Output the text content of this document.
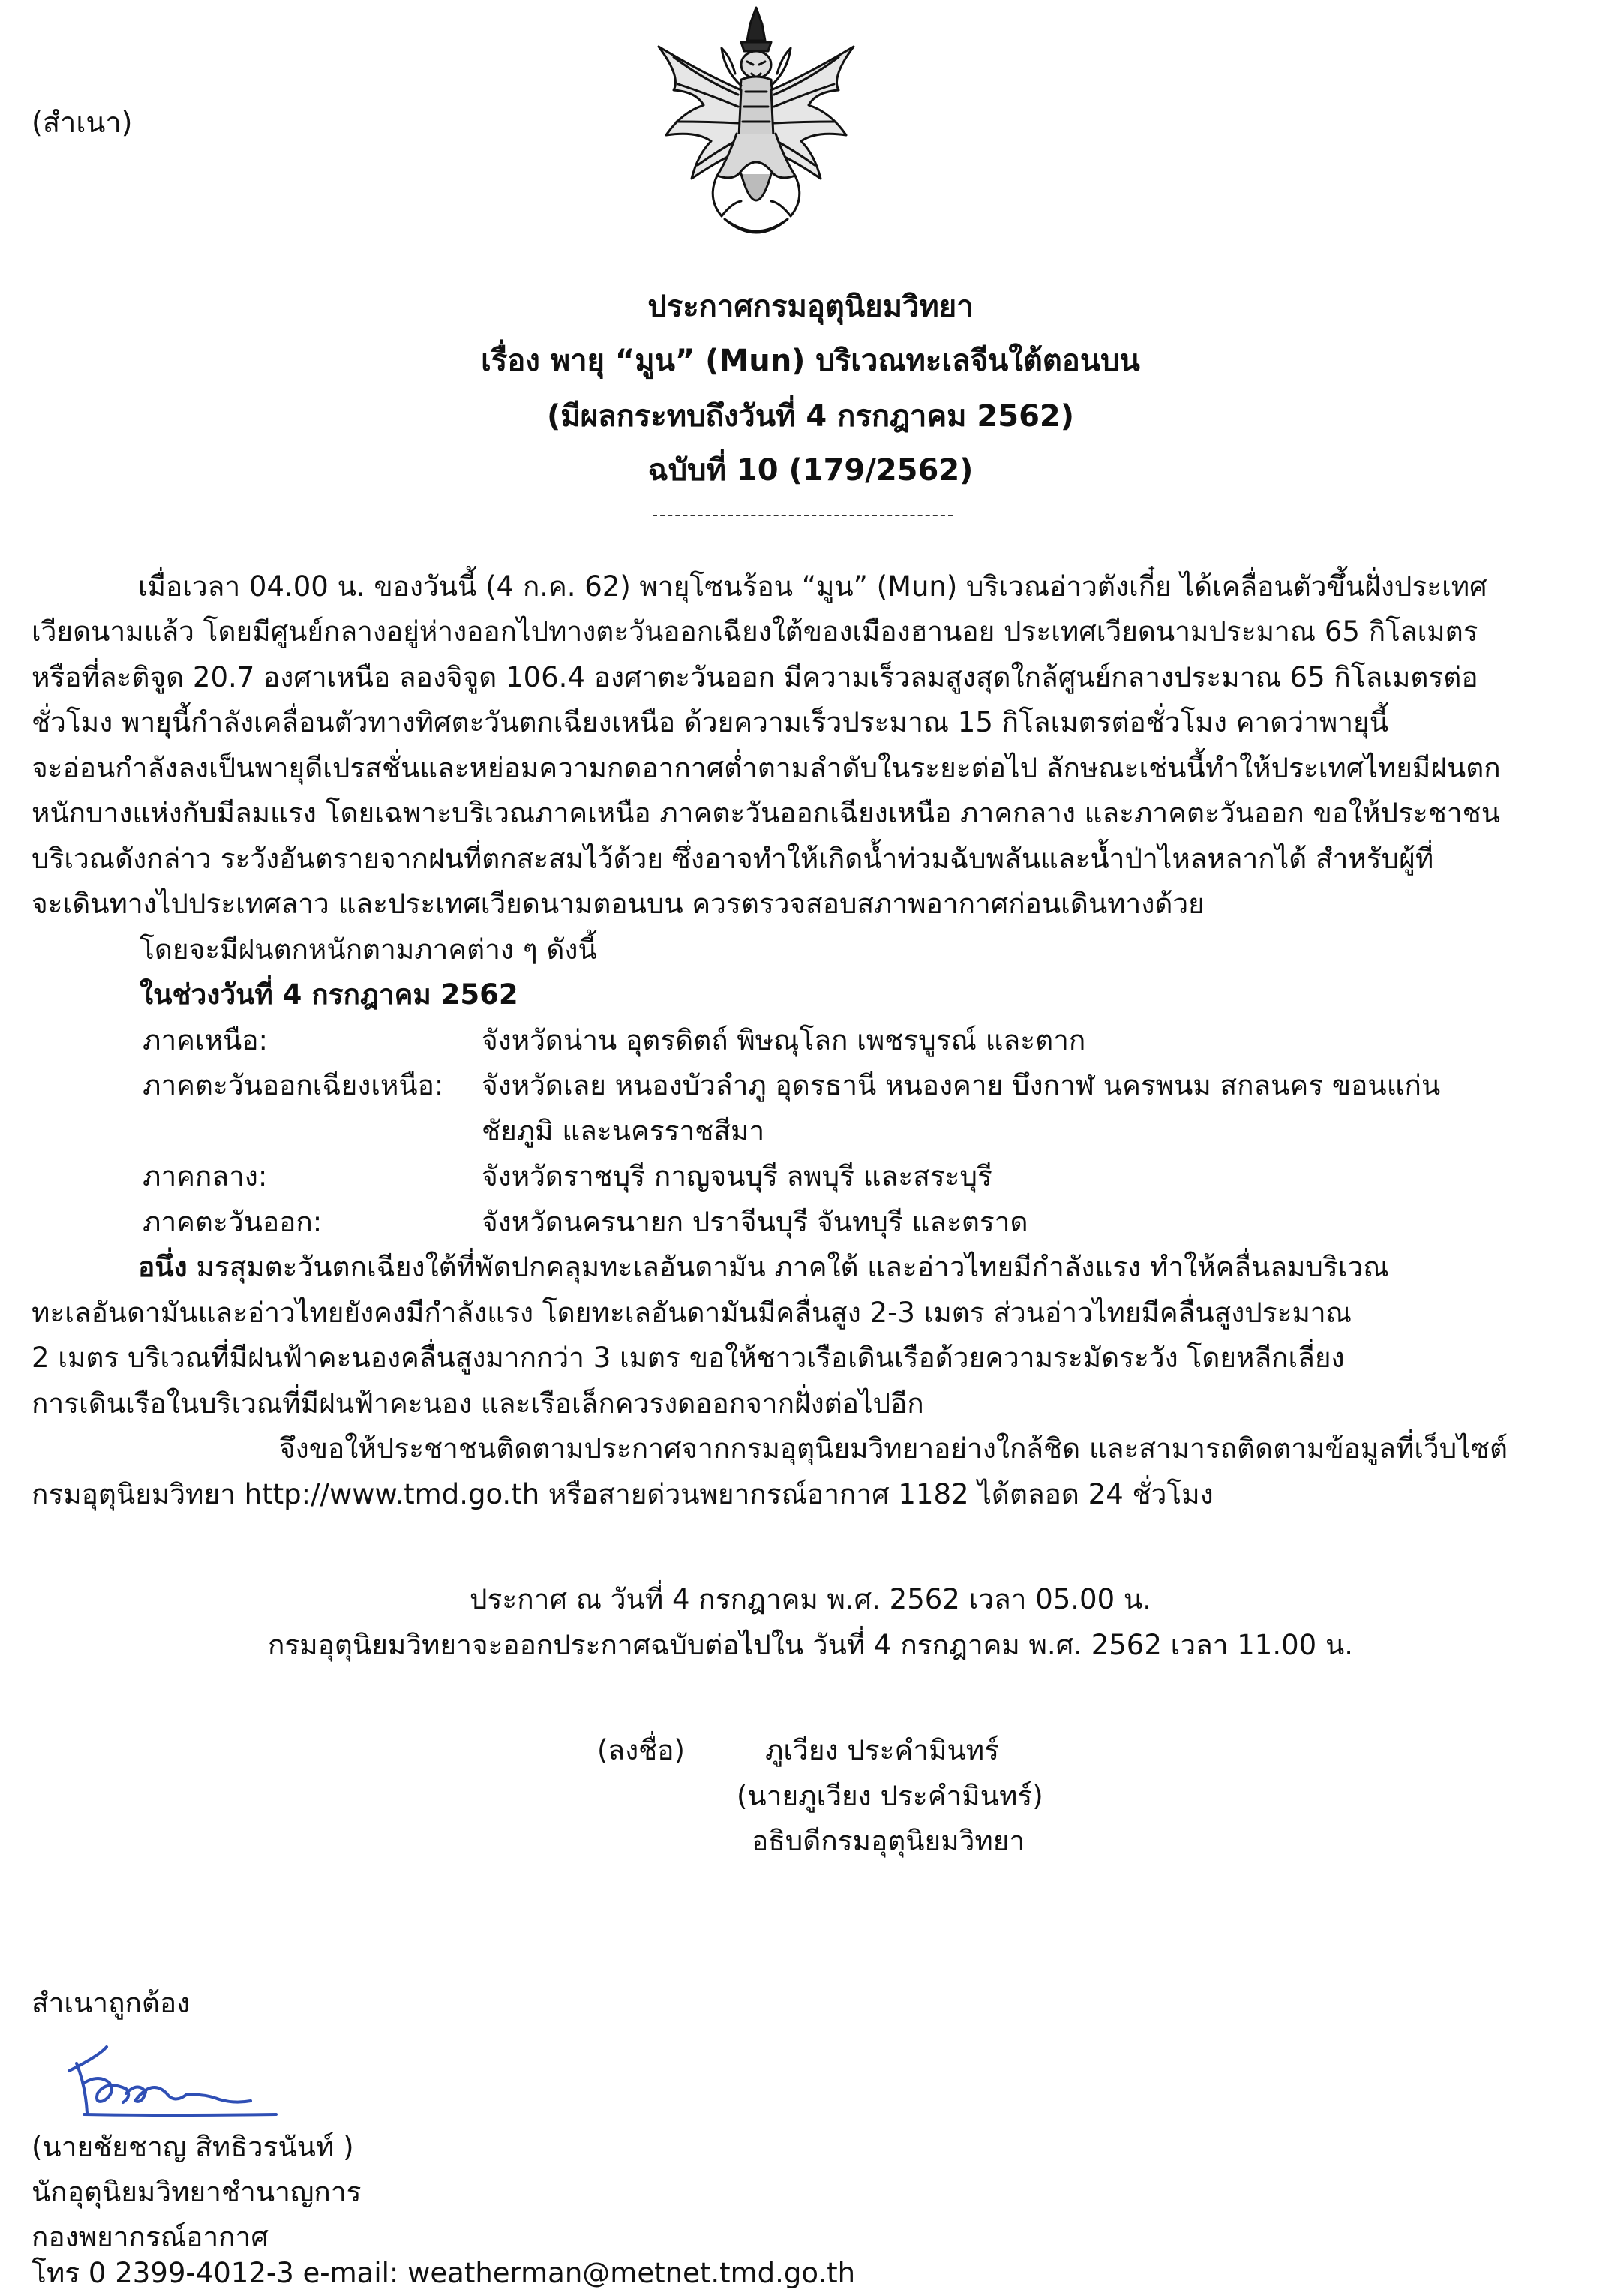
(สำเนา)
ประกาศกรมอุตุนิยมวิทยา
เรื่อง พายุ “มูน” (Mun) บริเวณทะเลจีนใต้ตอนบน
(มีผลกระทบถึงวันที่ 4 กรกฎาคม 2562)
ฉบับที่ 10 (179/2562)
เมื่อเวลา 04.00 น. ของวันนี้ (4 ก.ค. 62) พายุโซนร้อน “มูน” (Mun) บริเวณอ่าวตังเกี๋ย ได้เคลื่อนตัวขึ้นฝั่งประเทศ
เวียดนามแล้ว โดยมีศูนย์กลางอยู่ห่างออกไปทางตะวันออกเฉียงใต้ของเมืองฮานอย ประเทศเวียดนามประมาณ 65 กิโลเมตร
หรือที่ละติจูด 20.7 องศาเหนือ ลองจิจูด 106.4 องศาตะวันออก มีความเร็วลมสูงสุดใกล้ศูนย์กลางประมาณ 65 กิโลเมตรต่อ
ชั่วโมง พายุนี้กำลังเคลื่อนตัวทางทิศตะวันตกเฉียงเหนือ ด้วยความเร็วประมาณ 15 กิโลเมตรต่อชั่วโมง คาดว่าพายุนี้
จะอ่อนกำลังลงเป็นพายุดีเปรสชั่นและหย่อมความกดอากาศต่ำตามลำดับในระยะต่อไป ลักษณะเช่นนี้ทำให้ประเทศไทยมีฝนตก
หนักบางแห่งกับมีลมแรง โดยเฉพาะบริเวณภาคเหนือ ภาคตะวันออกเฉียงเหนือ ภาคกลาง และภาคตะวันออก ขอให้ประชาชน
บริเวณดังกล่าว ระวังอันตรายจากฝนที่ตกสะสมไว้ด้วย ซึ่งอาจทำให้เกิดน้ำท่วมฉับพลันและน้ำป่าไหลหลากได้ สำหรับผู้ที่
จะเดินทางไปประเทศลาว และประเทศเวียดนามตอนบน ควรตรวจสอบสภาพอากาศก่อนเดินทางด้วย
โดยจะมีฝนตกหนักตามภาคต่าง ๆ ดังนี้
ในช่วงวันที่ 4 กรกฎาคม 2562
ภาคเหนือ:	จังหวัดน่าน อุตรดิตถ์ พิษณุโลก เพชรบูรณ์ และตาก
ภาคตะวันออกเฉียงเหนือ: จังหวัดเลย หนองบัวลำภู อุดรธานี หนองคาย บึงกาฬ นครพนม สกลนคร ขอนแก่น
ชัยภูมิ และนครราชสีมา
ภาคกลาง:	จังหวัดราชบุรี กาญจนบุรี ลพบุรี และสระบุรี
ภาคตะวันออก:	จังหวัดนครนายก ปราจีนบุรี จันทบุรี และตราด
อนึ่ง มรสุมตะวันตกเฉียงใต้ที่พัดปกคลุมทะเลอันดามัน ภาคใต้ และอ่าวไทยมีกำลังแรง ทำให้คลื่นลมบริเวณ
ทะเลอันดามันและอ่าวไทยยังคงมีกำลังแรง โดยทะเลอันดามันมีคลื่นสูง 2-3 เมตร ส่วนอ่าวไทยมีคลื่นสูงประมาณ
2 เมตร บริเวณที่มีฝนฟ้าคะนองคลื่นสูงมากกว่า 3 เมตร ขอให้ชาวเรือเดินเรือด้วยความระมัดระวัง โดยหลีกเลี่ยง
การเดินเรือในบริเวณที่มีฝนฟ้าคะนอง และเรือเล็กควรงดออกจากฝั่งต่อไปอีก
จึงขอให้ประชาชนติดตามประกาศจากกรมอุตุนิยมวิทยาอย่างใกล้ชิด และสามารถติดตามข้อมูลที่เว็บไซต์
กรมอุตุนิยมวิทยา http://www.tmd.go.th หรือสายด่วนพยากรณ์อากาศ 1182 ได้ตลอด 24 ชั่วโมง
ประกาศ ณ วันที่ 4 กรกฎาคม พ.ศ. 2562 เวลา 05.00 น.
กรมอุตุนิยมวิทยาจะออกประกาศฉบับต่อไปใน วันที่ 4 กรกฎาคม พ.ศ. 2562 เวลา 11.00 น.
(ลงชื่อ)	ภูเวียง ประคำมินทร์
(นายภูเวียง ประคำมินทร์)
อธิบดีกรมอุตุนิยมวิทยา
สำเนาถูกต้อง
(นายชัยชาญ สิทธิวรนันท์ )
นักอุตุนิยมวิทยาชำนาญการ
กองพยากรณ์อากาศ
โทร 0 2399-4012-3 e-mail: weatherman@metnet.tmd.go.th
